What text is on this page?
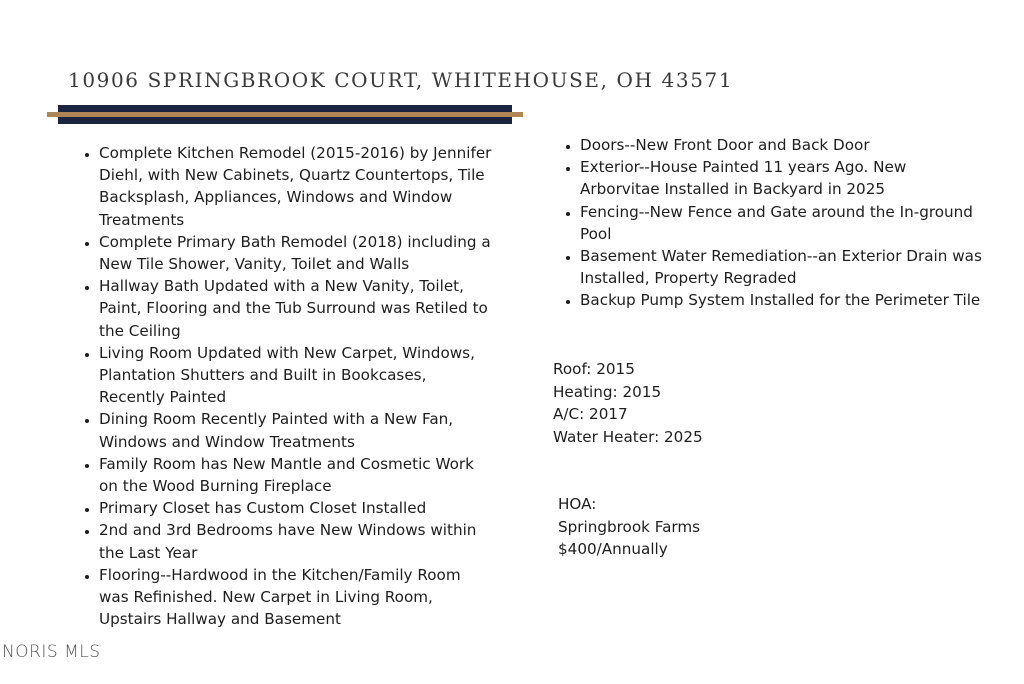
10906 SPRINGBROOK COURT, WHITEHOUSE, OH 43571
• Complete Kitchen Remodel (2015-2016) by Jennifer Diehl, with New Cabinets, Quartz Countertops, Tile Backsplash, Appliances, Windows and Window Treatments
• Complete Primary Bath Remodel (2018) including a New Tile Shower, Vanity, Toilet and Walls
• Hallway Bath Updated with a New Vanity, Toilet, Paint, Flooring and the Tub Surround was Retiled to the Ceiling
• Living Room Updated with New Carpet, Windows, Plantation Shutters and Built in Bookcases, Recently Painted
• Dining Room Recently Painted with a New Fan, Windows and Window Treatments
• Family Room has New Mantle and Cosmetic Work on the Wood Burning Fireplace
• Primary Closet has Custom Closet Installed
• 2nd and 3rd Bedrooms have New Windows within the Last Year
• Flooring--Hardwood in the Kitchen/Family Room was Refinished. New Carpet in Living Room, Upstairs Hallway and Basement
• Doors--New Front Door and Back Door
• Exterior--House Painted 11 years Ago. New Arborvitae Installed in Backyard in 2025
• Fencing--New Fence and Gate around the In-ground Pool
• Basement Water Remediation--an Exterior Drain was Installed, Property Regraded
• Backup Pump System Installed for the Perimeter Tile
Roof: 2015
Heating: 2015
A/C: 2017
Water Heater: 2025
HOA:
Springbrook Farms
$400/Annually
NORIS MLS
